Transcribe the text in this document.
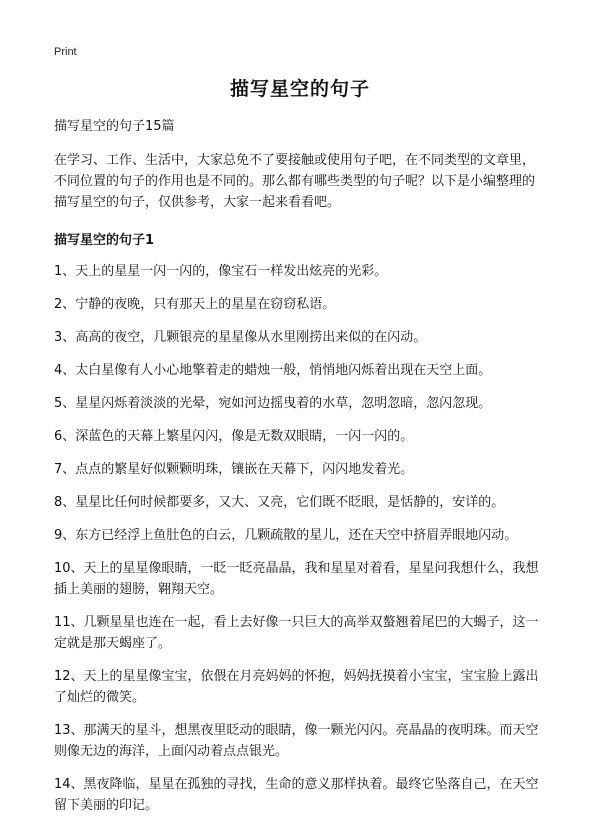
Print
描写星空的句子
描写星空的句子15篇

在学习、工作、生活中，大家总免不了要接触或使用句子吧，在不同类型的文章里，不同位置的句子的作用也是不同的。那么都有哪些类型的句子呢？以下是小编整理的描写星空的句子，仅供参考，大家一起来看看吧。

描写星空的句子1
1、天上的星星一闪一闪的，像宝石一样发出炫亮的光彩。
2、宁静的夜晚，只有那天上的星星在窃窃私语。
3、高高的夜空，几颗银亮的星星像从水里刚捞出来似的在闪动。
4、太白星像有人小心地擎着走的蜡烛一般，悄悄地闪烁着出现在天空上面。
5、星星闪烁着淡淡的光晕，宛如河边摇曳着的水草，忽明忽暗，忽闪忽现。
6、深蓝色的天幕上繁星闪闪，像是无数双眼睛，一闪一闪的。
7、点点的繁星好似颗颗明珠，镶嵌在天幕下，闪闪地发着光。
8、星星比任何时候都要多，又大、又亮，它们既不眨眼，是恬静的，安详的。
9、东方已经浮上鱼肚色的白云，几颗疏散的星儿，还在天空中挤眉弄眼地闪动。
10、天上的星星像眼睛，一眨一眨亮晶晶，我和星星对着看，星星问我想什么，我想插上美丽的翅膀，翱翔天空。
11、几颗星星也连在一起，看上去好像一只巨大的高举双螯翘着尾巴的大蝎子，这一定就是那天蝎座了。
12、天上的星星像宝宝，依偎在月亮妈妈的怀抱，妈妈抚摸着小宝宝，宝宝脸上露出了灿烂的微笑。
13、那满天的星斗，想黑夜里眨动的眼睛，像一颗光闪闪。亮晶晶的夜明珠。而天空则像无边的海洋，上面闪动着点点银光。
14、黑夜降临，星星在孤独的寻找，生命的意义那样执着。最终它坠落自己，在天空留下美丽的印记。
